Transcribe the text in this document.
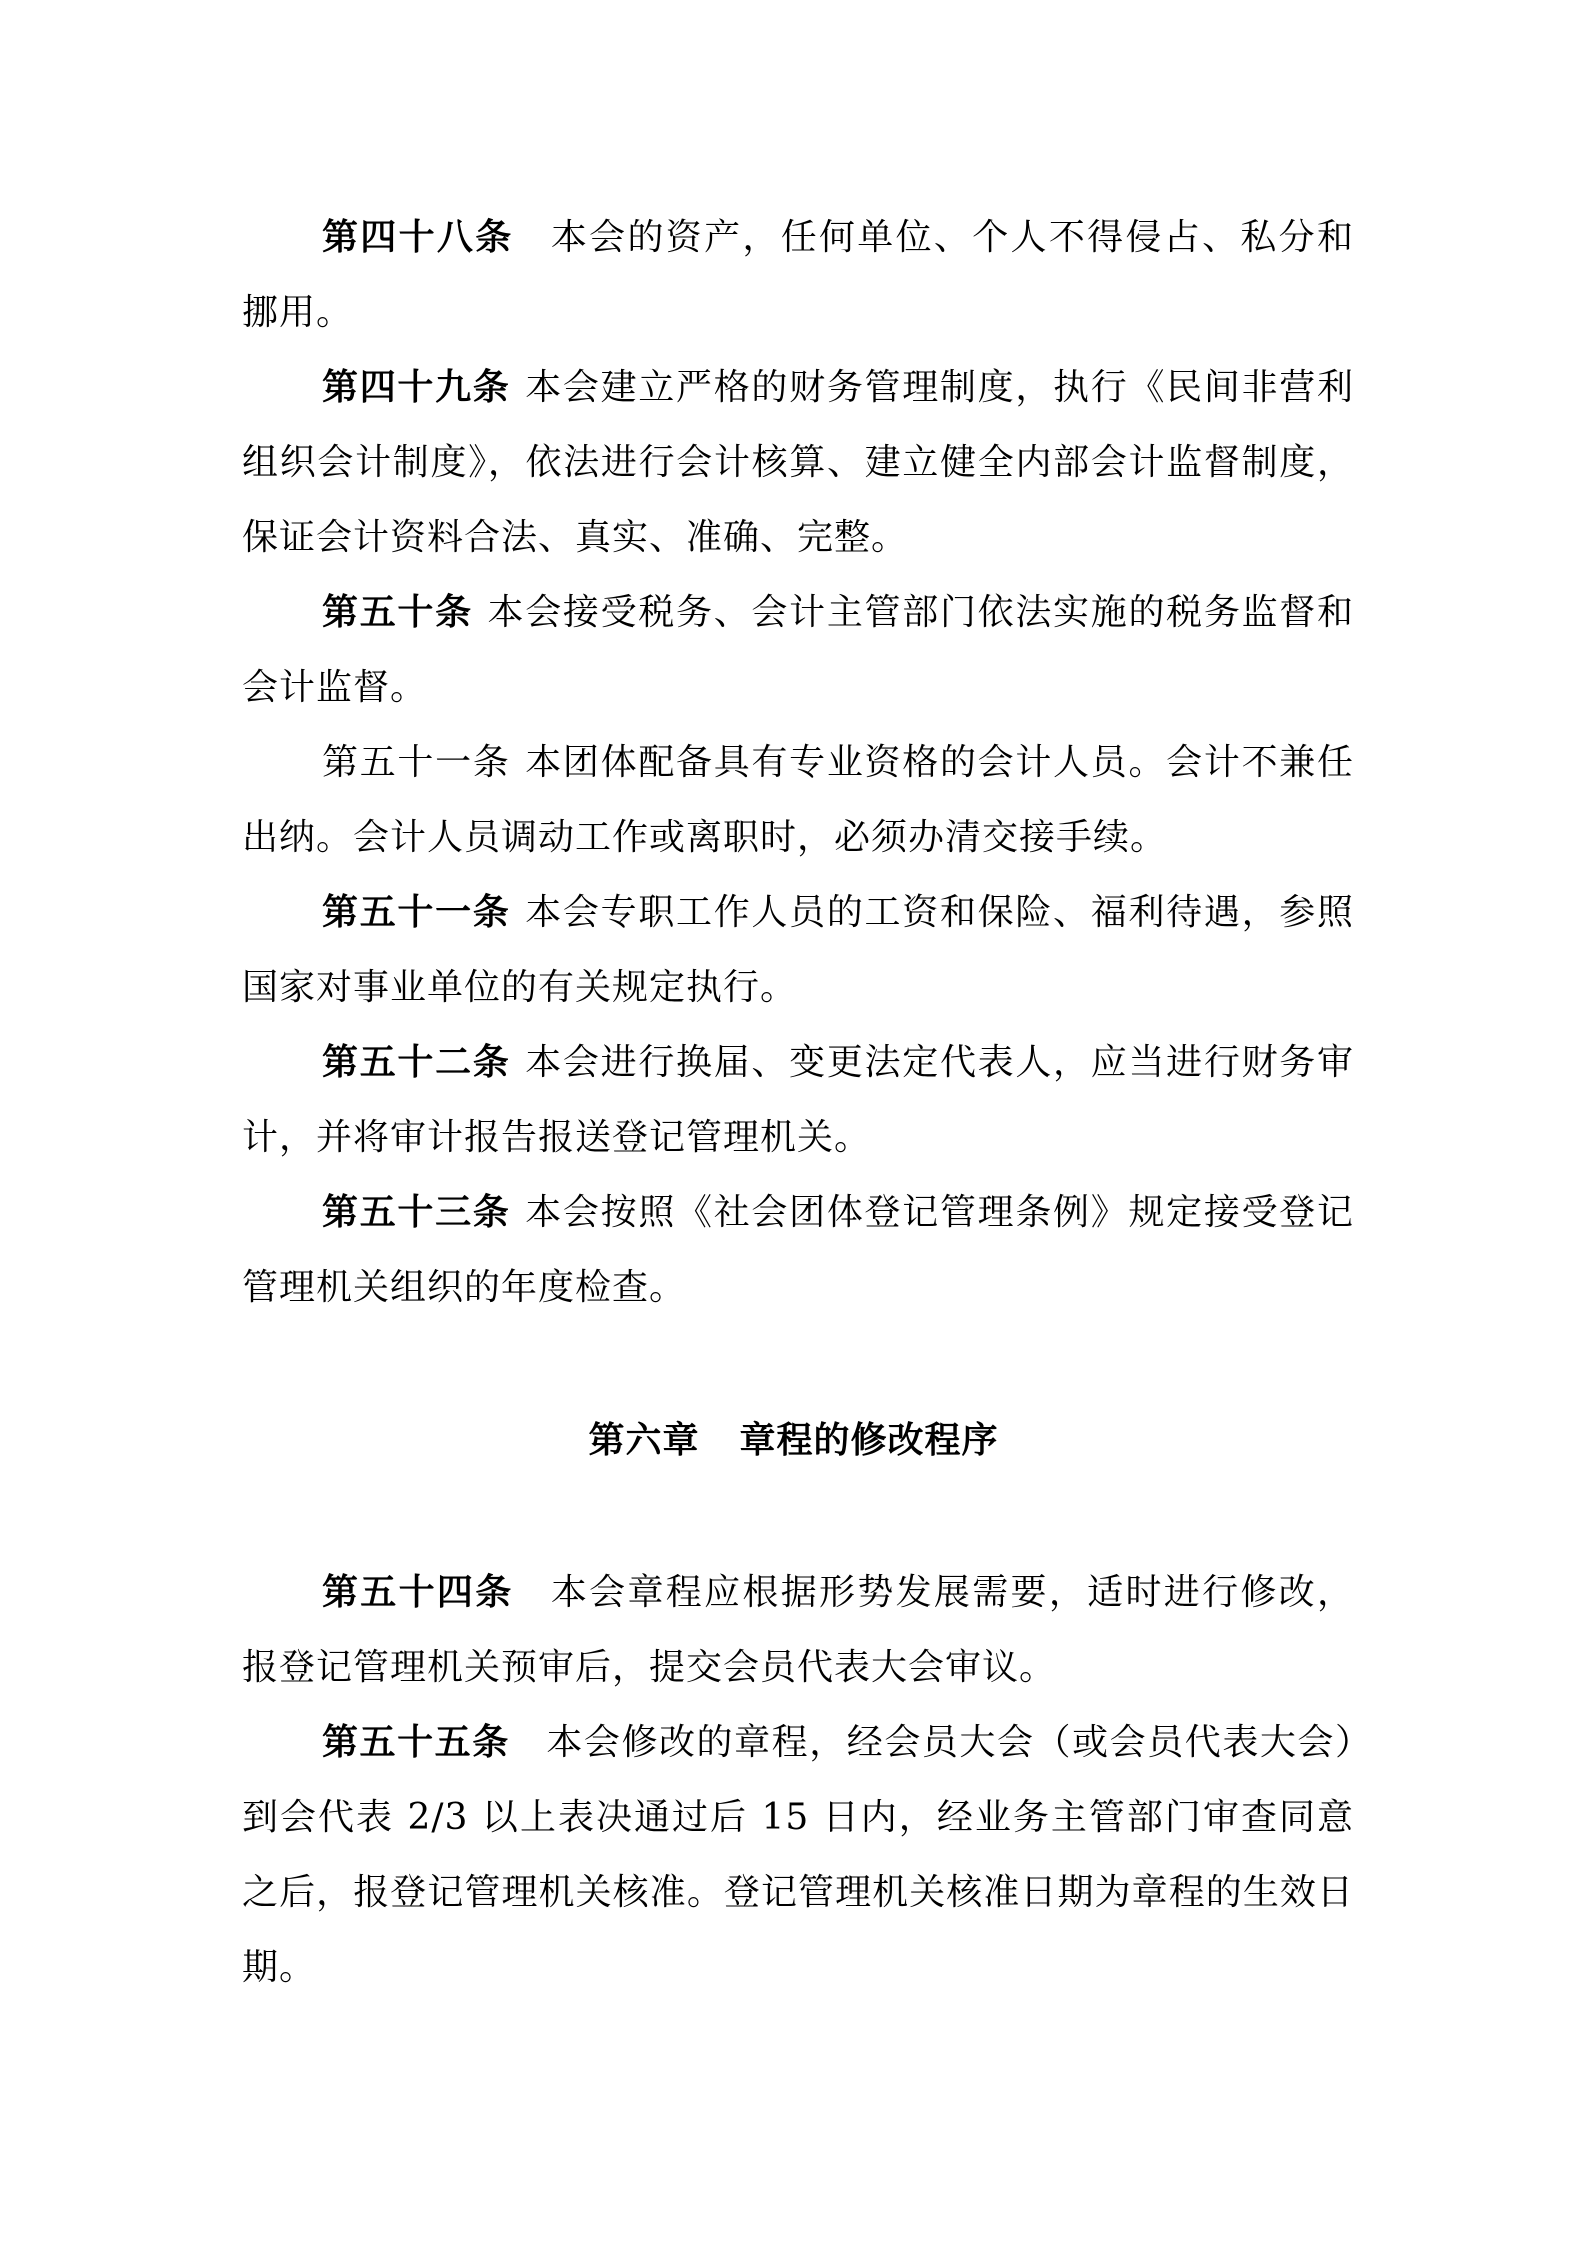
第四十八条 本会的资产，任何单位、个人不得侵占、私分和挪用。

第四十九条 本会建立严格的财务管理制度，执行《民间非营利组织会计制度》，依法进行会计核算、建立健全内部会计监督制度，保证会计资料合法、真实、准确、完整。

第五十条 本会接受税务、会计主管部门依法实施的税务监督和会计监督。

第五十一条 本团体配备具有专业资格的会计人员。会计不兼任出纳。会计人员调动工作或离职时，必须办清交接手续。

第五十一条 本会专职工作人员的工资和保险、福利待遇，参照国家对事业单位的有关规定执行。

第五十二条 本会进行换届、变更法定代表人，应当进行财务审计，并将审计报告报送登记管理机关。

第五十三条 本会按照《社会团体登记管理条例》规定接受登记管理机关组织的年度检查。

第六章 章程的修改程序

第五十四条 本会章程应根据形势发展需要，适时进行修改，报登记管理机关预审后，提交会员代表大会审议。

第五十五条 本会修改的章程，经会员大会（或会员代表大会）到会代表 2/3 以上表决通过后 15 日内，经业务主管部门审查同意之后，报登记管理机关核准。登记管理机关核准日期为章程的生效日期。
